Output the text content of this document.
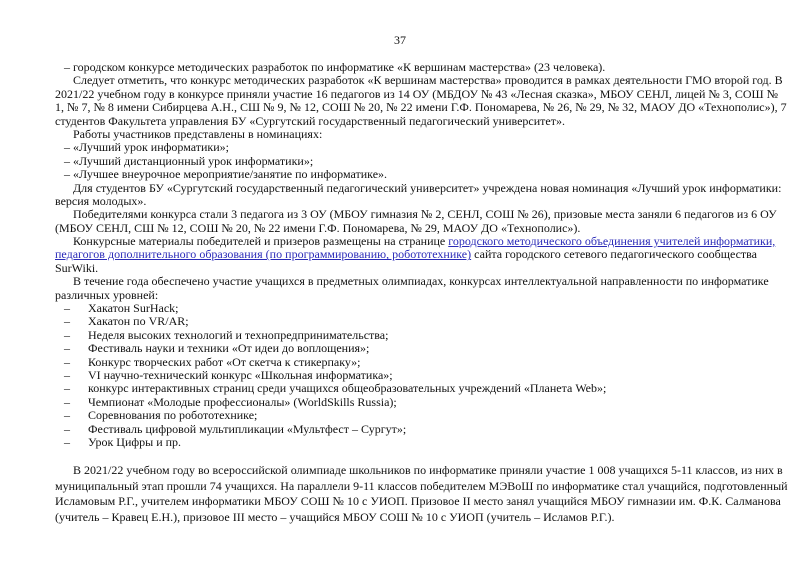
37
– городском конкурсе методических разработок по информатике «К вершинам мастерства» (23 человека).
Следует отметить, что конкурс методических разработок «К вершинам мастерства» проводится в рамках деятельности ГМО второй год. В
2021/22 учебном году в конкурсе приняли участие 16 педагогов из 14 ОУ (МБДОУ № 43 «Лесная сказка», МБОУ СЕНЛ, лицей № 3, СОШ №
1, № 7, № 8 имени Сибирцева А.Н., СШ № 9, № 12, СОШ № 20, № 22 имени Г.Ф. Пономарева, № 26, № 29, № 32, МАОУ ДО «Технополис»), 7
студентов Факультета управления БУ «Сургутский государственный педагогический университет».
Работы участников представлены в номинациях:
– «Лучший урок информатики»;
– «Лучший дистанционный урок информатики»;
– «Лучшее внеурочное мероприятие/занятие по информатике».
Для студентов БУ «Сургутский государственный педагогический университет» учреждена новая номинация «Лучший урок информатики:
версия молодых».
Победителями конкурса стали 3 педагога из 3 ОУ (МБОУ гимназия № 2, СЕНЛ, СОШ № 26), призовые места заняли 6 педагогов из 6 ОУ
(МБОУ СЕНЛ, СШ № 12, СОШ № 20, № 22 имени Г.Ф. Пономарева, № 29, МАОУ ДО «Технополис»).
Конкурсные материалы победителей и призеров размещены на странице городского методического объединения учителей информатики,
педагогов дополнительного образования (по программированию, робототехнике) сайта городского сетевого педагогического сообщества
SurWiki.
В течение года обеспечено участие учащихся в предметных олимпиадах, конкурсах интеллектуальной направленности по информатике
различных уровней:
–	Хакатон SurHack;
–	Хакатон по VR/AR;
–	Неделя высоких технологий и технопредпринимательства;
–	Фестиваль науки и техники «От идеи до воплощения»;
–	Конкурс творческих работ «От скетча к стикерпаку»;
–	VI научно-технический конкурс «Школьная информатика»;
–	конкурс интерактивных страниц среди учащихся общеобразовательных учреждений «Планета Web»;
–	Чемпионат «Молодые профессионалы» (WorldSkills Russia);
–	Соревнования по робототехнике;
–	Фестиваль цифровой мультипликации «Мультфест – Сургут»;
–	Урок Цифры и пр.
В 2021/22 учебном году во всероссийской олимпиаде школьников по информатике приняли участие 1 008 учащихся 5-11 классов, из них в
муниципальный этап прошли 74 учащихся. На параллели 9-11 классов победителем МЭВоШ по информатике стал учащийся, подготовленный
Исламовым Р.Г., учителем информатики МБОУ СОШ № 10 с УИОП. Призовое II место занял учащийся МБОУ гимназии им. Ф.К. Салманова
(учитель – Кравец Е.Н.), призовое III место – учащийся МБОУ СОШ № 10 с УИОП (учитель – Исламов Р.Г.).
